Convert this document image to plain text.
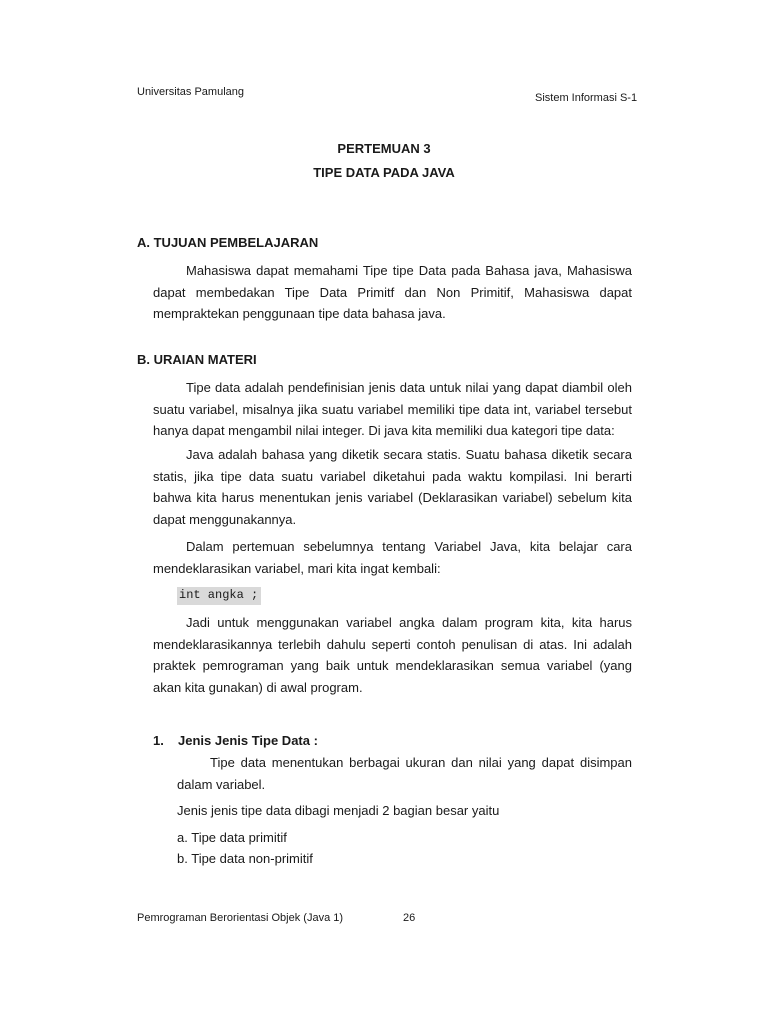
Universitas Pamulang	Sistem Informasi S-1
PERTEMUAN 3
TIPE DATA PADA JAVA
A. TUJUAN PEMBELAJARAN

Mahasiswa dapat memahami Tipe tipe Data pada Bahasa java, Mahasiswa dapat membedakan Tipe Data Primitf dan Non Primitif, Mahasiswa dapat mempraktekan penggunaan tipe data bahasa java.

B. URAIAN MATERI

Tipe data adalah pendefinisian jenis data untuk nilai yang dapat diambil oleh suatu variabel, misalnya jika suatu variabel memiliki tipe data int, variabel tersebut hanya dapat mengambil nilai integer. Di java kita memiliki dua kategori tipe data:

Java adalah bahasa yang diketik secara statis. Suatu bahasa diketik secara statis, jika tipe data suatu variabel diketahui pada waktu kompilasi. Ini berarti bahwa kita harus menentukan jenis variabel (Deklarasikan variabel) sebelum kita dapat menggunakannya.

Dalam pertemuan sebelumnya tentang Variabel Java, kita belajar cara mendeklarasikan variabel, mari kita ingat kembali:

int angka ;

Jadi untuk menggunakan variabel angka dalam program kita, kita harus mendeklarasikannya terlebih dahulu seperti contoh penulisan di atas. Ini adalah praktek pemrograman yang baik untuk mendeklarasikan semua variabel (yang akan kita gunakan) di awal program.

1. Jenis Jenis Tipe Data :

Tipe data menentukan berbagai ukuran dan nilai yang dapat disimpan dalam variabel.

Jenis jenis tipe data dibagi menjadi 2 bagian besar yaitu
a. Tipe data primitif
b. Tipe data non-primitif
Pemrograman Berorientasi Objek (Java 1)	26
